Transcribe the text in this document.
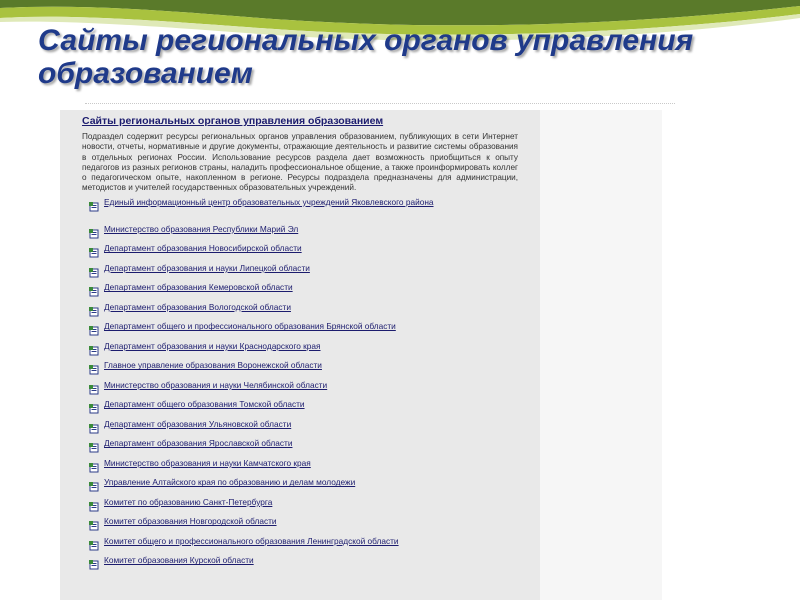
Сайты региональных органов управления образованием
Сайты региональных органов управления образованием

Подраздел содержит ресурсы региональных органов управления образованием, публикующих в сети Интернет новости, отчеты, нормативные и другие документы, отражающие деятельность и развитие системы образования в отдельных регионах России. Использование ресурсов раздела дает возможность приобщиться к опыту педагогов из разных регионов страны, наладить профессиональное общение, а также проинформировать коллег о педагогическом опыте, накопленном в регионе. Ресурсы подраздела предназначены для администрации, методистов и учителей государственных образовательных учреждений.

Единый информационный центр образовательных учреждений Яковлевского района
Министерство образования Республики Марий Эл
Департамент образования Новосибирской области
Департамент образования и науки Липецкой области
Департамент образования Кемеровской области
Департамент образования Вологодской области
Департамент общего и профессионального образования Брянской области
Департамент образования и науки Краснодарского края
Главное управление образования Воронежской области
Министерство образования и науки Челябинской области
Департамент общего образования Томской области
Департамент образования Ульяновской области
Департамент образования Ярославской области
Министерство образования и науки Камчатского края
Управление Алтайского края по образованию и делам молодежи
Комитет по образованию Санкт-Петербурга
Комитет образования Новгородской области
Комитет общего и профессионального образования Ленинградской области
Комитет образования Курской области
